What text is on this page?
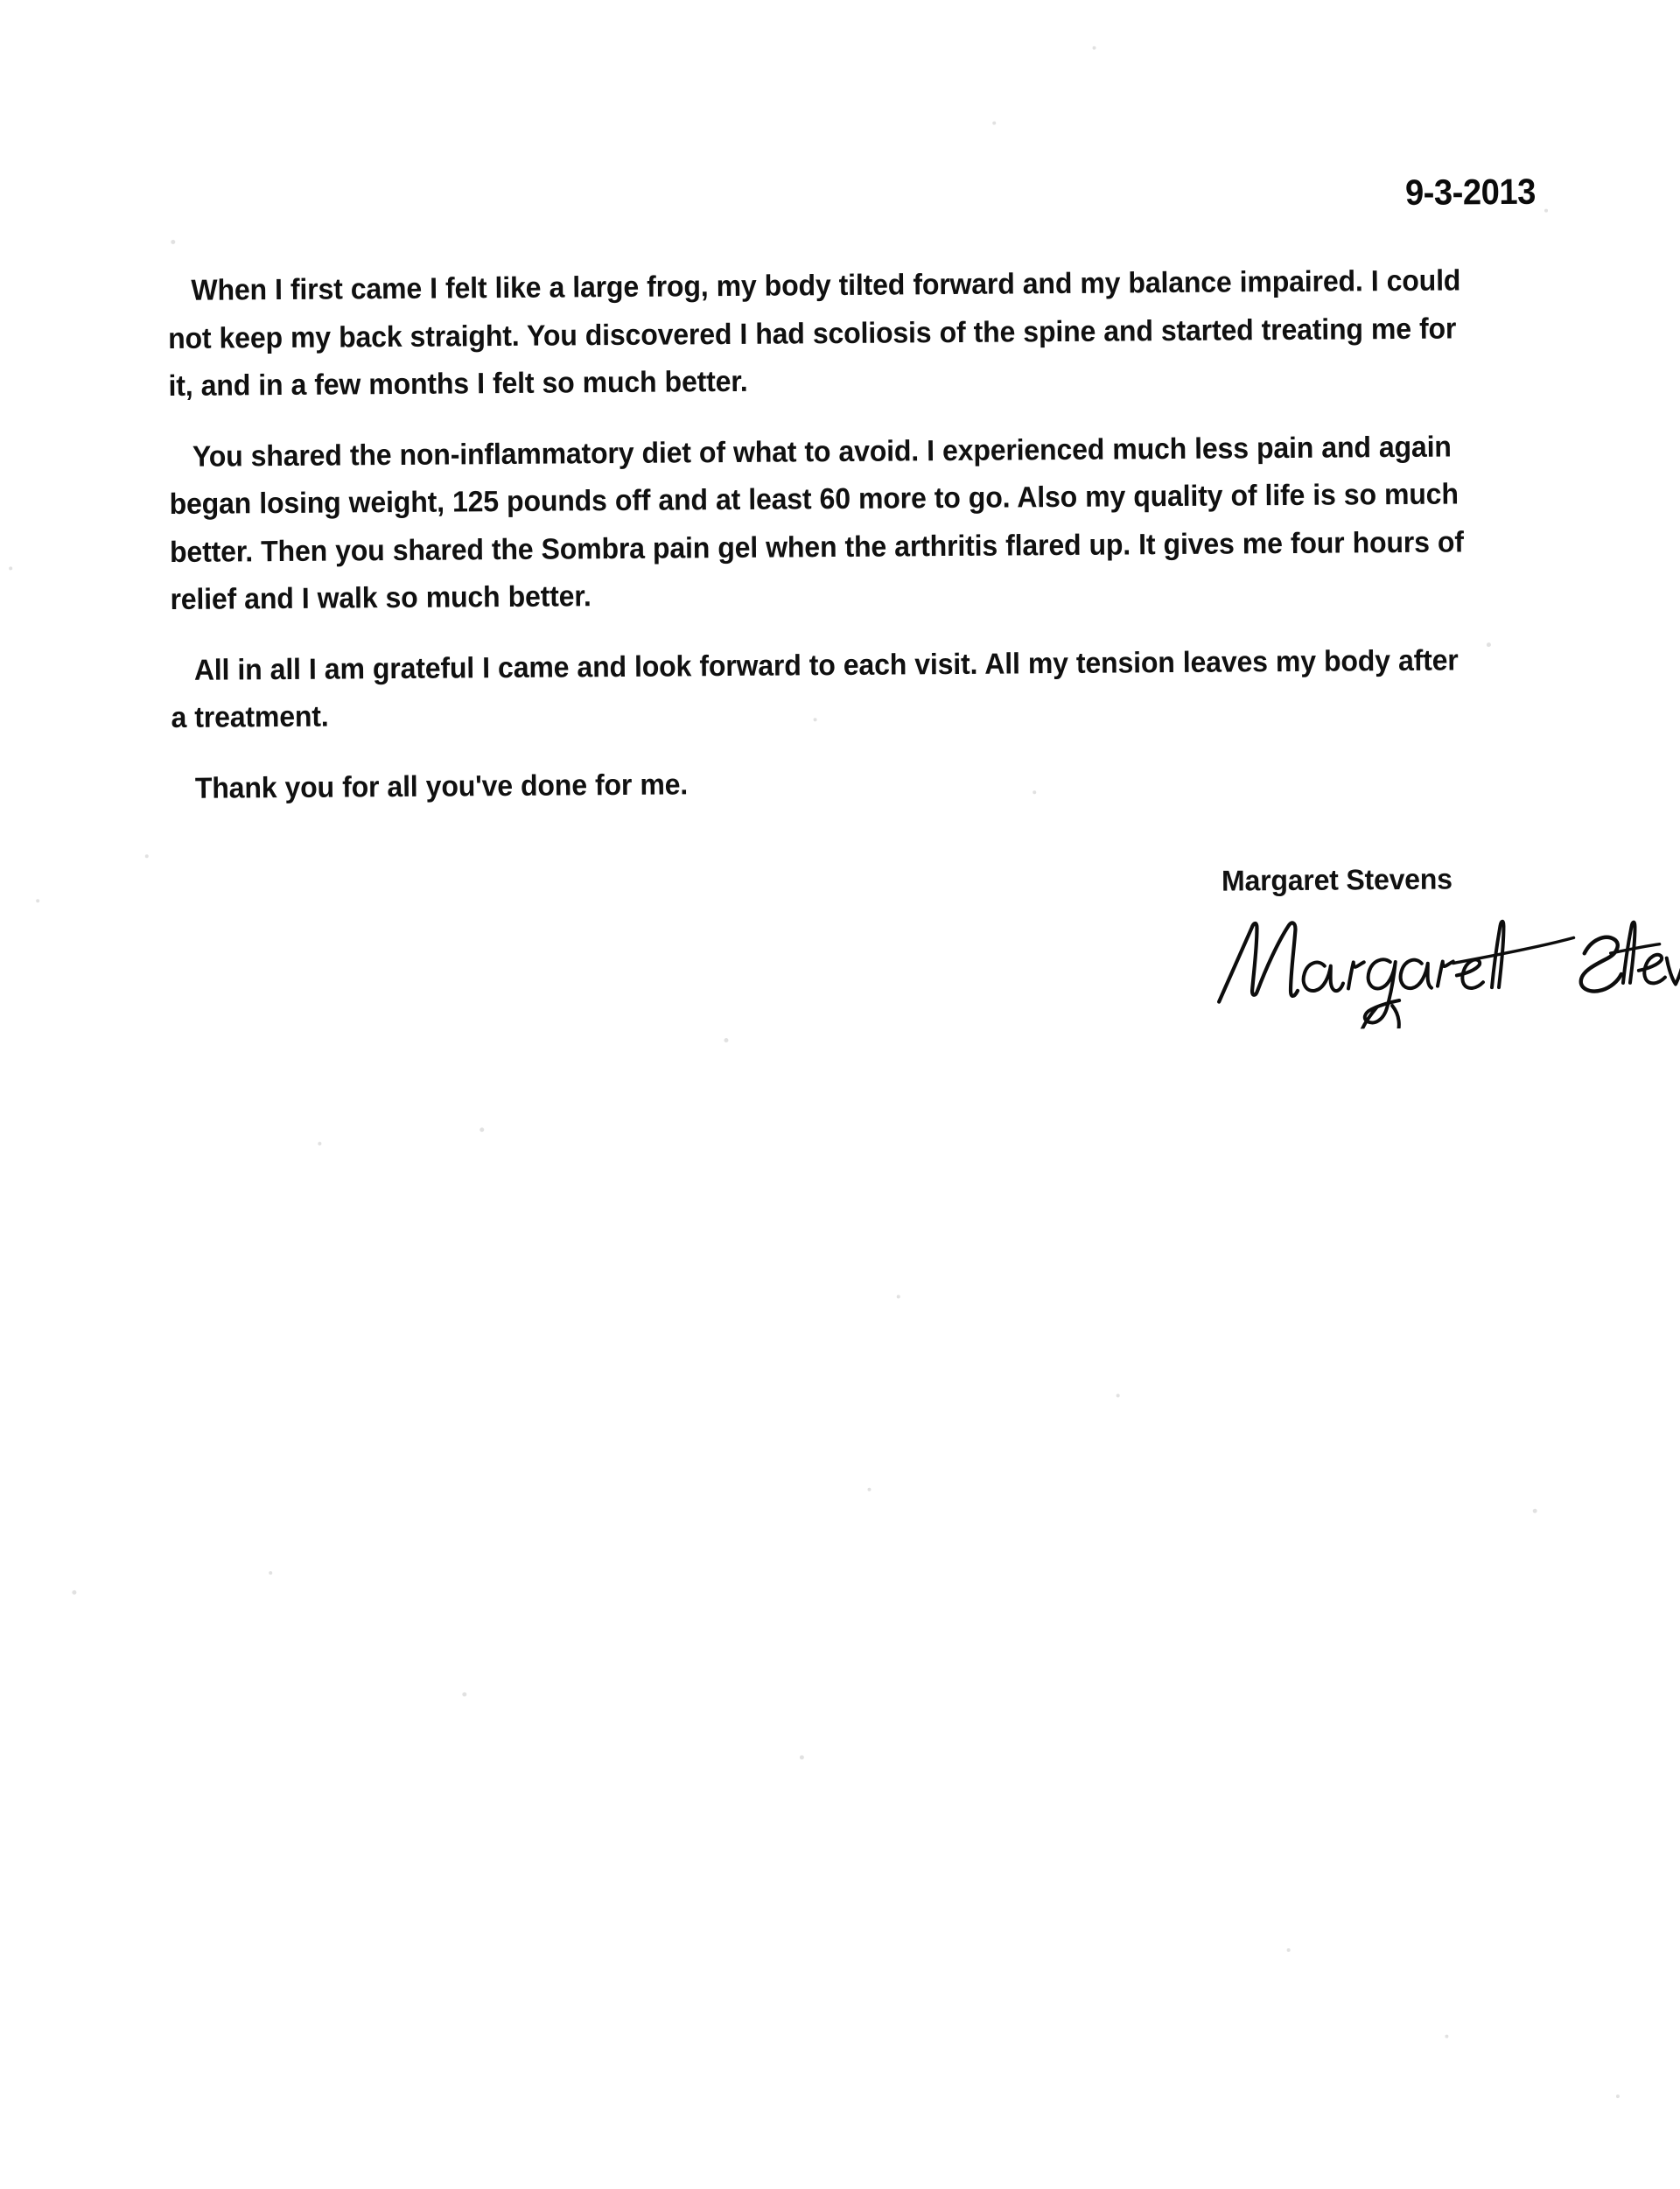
9-3-2013

When I first came I felt like a large frog, my body tilted forward and my balance impaired. I could not keep my back straight. You discovered I had scoliosis of the spine and started treating me for it, and in a few months I felt so much better.

You shared the non-inflammatory diet of what to avoid. I experienced much less pain and again began losing weight, 125 pounds off and at least 60 more to go. Also my quality of life is so much better. Then you shared the Sombra pain gel when the arthritis flared up. It gives me four hours of relief and I walk so much better.

All in all I am grateful I came and look forward to each visit. All my tension leaves my body after a treatment.

Thank you for all you've done for me.

Margaret Stevens
